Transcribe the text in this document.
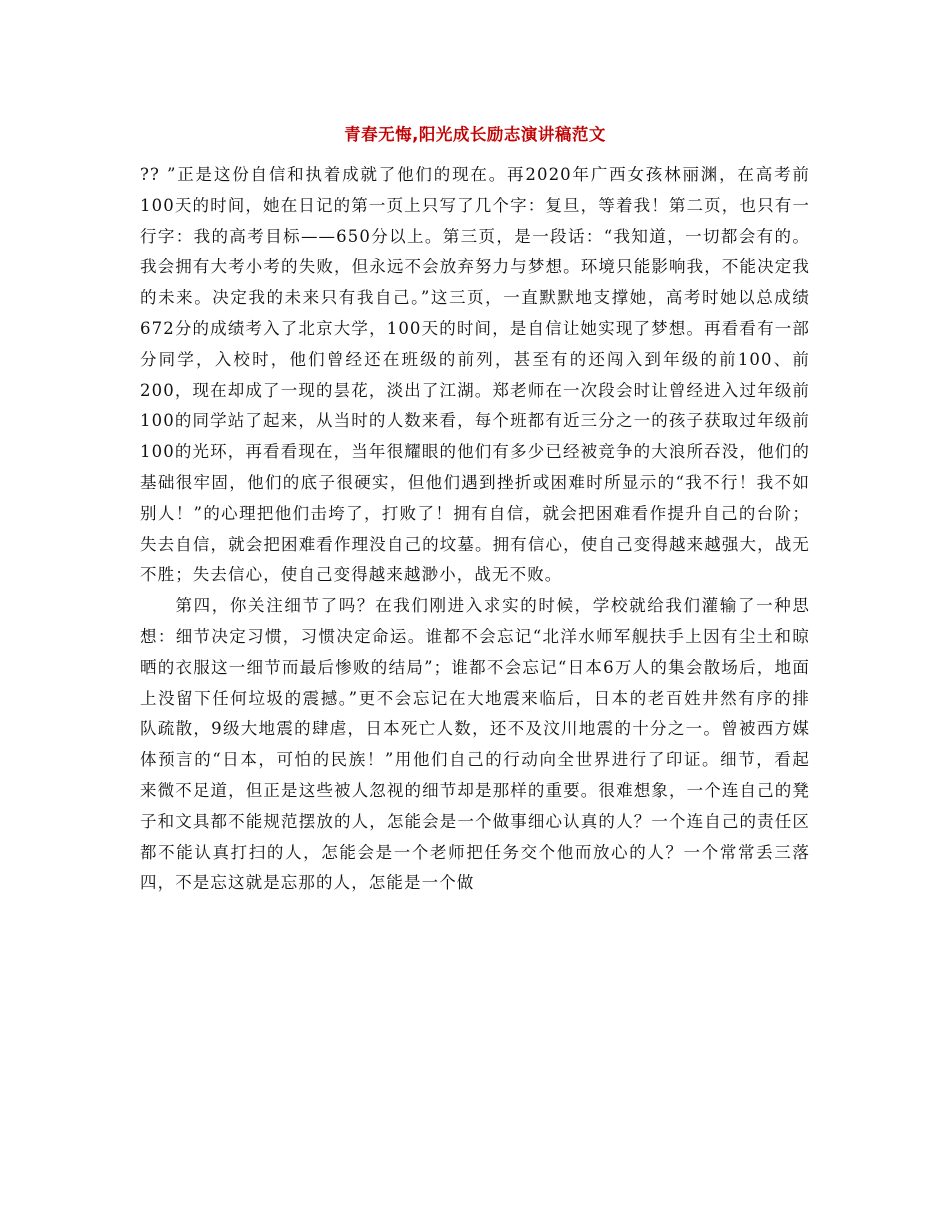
青春无悔,阳光成长励志演讲稿范文

?? ”正是这份自信和执着成就了他们的现在。再2020年广西女孩林丽渊，在高考前100天的时间，她在日记的第一页上只写了几个字：复旦，等着我！第二页，也只有一行字：我的高考目标——650分以上。第三页，是一段话：“我知道，一切都会有的。我会拥有大考小考的失败，但永远不会放弃努力与梦想。环境只能影响我，不能决定我的未来。决定我的未来只有我自己。”这三页，一直默默地支撑她，高考时她以总成绩672分的成绩考入了北京大学，100天的时间，是自信让她实现了梦想。再看看有一部分同学，入校时，他们曾经还在班级的前列，甚至有的还闯入到年级的前100、前200，现在却成了一现的昙花，淡出了江湖。郑老师在一次段会时让曾经进入过年级前100的同学站了起来，从当时的人数来看，每个班都有近三分之一的孩子获取过年级前100的光环，再看看现在，当年很耀眼的他们有多少已经被竞争的大浪所吞没，他们的基础很牢固，他们的底子很硬实，但他们遇到挫折或困难时所显示的“我不行！我不如别人！”的心理把他们击垮了，打败了！拥有自信，就会把困难看作提升自己的台阶；失去自信，就会把困难看作理没自己的坟墓。拥有信心，使自己变得越来越强大，战无不胜；失去信心，使自己变得越来越渺小，战无不败。

第四，你关注细节了吗？在我们刚进入求实的时候，学校就给我们灌输了一种思想：细节决定习惯，习惯决定命运。谁都不会忘记“北洋水师军舰扶手上因有尘土和晾晒的衣服这一细节而最后惨败的结局”；谁都不会忘记“日本6万人的集会散场后，地面上没留下任何垃圾的震撼。”更不会忘记在大地震来临后，日本的老百姓井然有序的排队疏散，9级大地震的肆虐，日本死亡人数，还不及汶川地震的十分之一。曾被西方媒体预言的“日本，可怕的民族！”用他们自己的行动向全世界进行了印证。细节，看起来微不足道，但正是这些被人忽视的细节却是那样的重要。很难想象，一个连自己的凳子和文具都不能规范摆放的人，怎能会是一个做事细心认真的人？一个连自己的责任区都不能认真打扫的人，怎能会是一个老师把任务交个他而放心的人？一个常常丢三落四，不是忘这就是忘那的人，怎能是一个做
